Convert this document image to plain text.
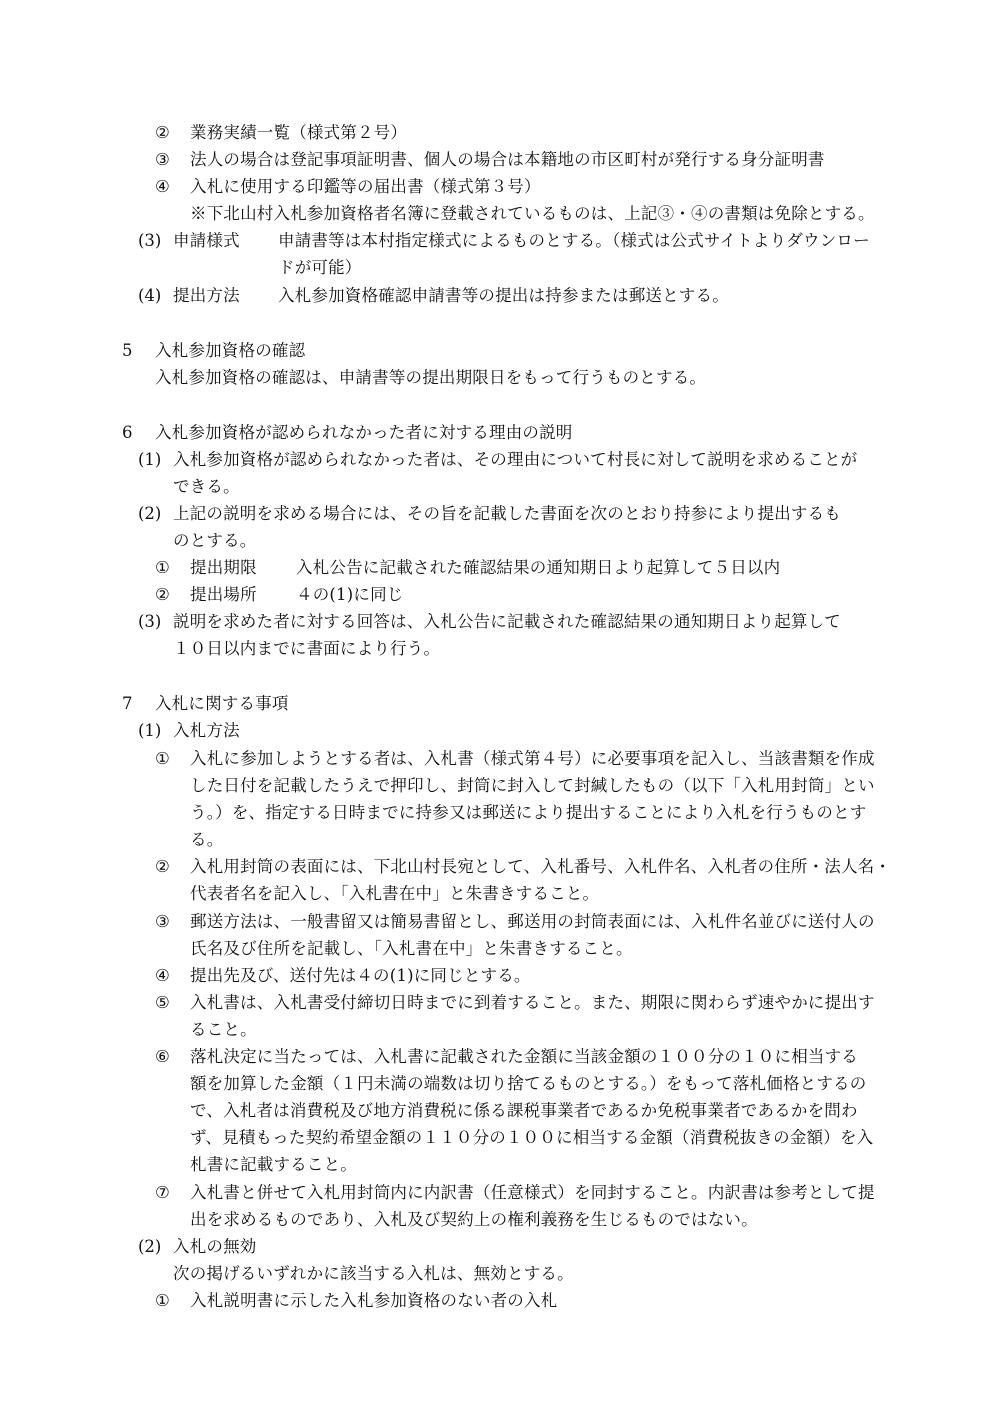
② 業務実績一覧（様式第２号）
③ 法人の場合は登記事項証明書、個人の場合は本籍地の市区町村が発行する身分証明書
④ 入札に使用する印鑑等の届出書（様式第３号）
※下北山村入札参加資格者名簿に登載されているものは、上記③・④の書類は免除とする。
(3) 申請様式 申請書等は本村指定様式によるものとする。（様式は公式サイトよりダウンロー
ドが可能）
(4) 提出方法 入札参加資格確認申請書等の提出は持参または郵送とする。
5 入札参加資格の確認
入札参加資格の確認は、申請書等の提出期限日をもって行うものとする。
6 入札参加資格が認められなかった者に対する理由の説明
(1) 入札参加資格が認められなかった者は、その理由について村長に対して説明を求めることが
できる。
(2) 上記の説明を求める場合には、その旨を記載した書面を次のとおり持参により提出するも
のとする。
① 提出期限 入札公告に記載された確認結果の通知期日より起算して５日以内
② 提出場所 ４の(1)に同じ
(3) 説明を求めた者に対する回答は、入札公告に記載された確認結果の通知期日より起算して
１０日以内までに書面により行う。
7 入札に関する事項
(1) 入札方法
① 入札に参加しようとする者は、入札書（様式第４号）に必要事項を記入し、当該書類を作成
した日付を記載したうえで押印し、封筒に封入して封緘したもの（以下「入札用封筒」とい
う。）を、指定する日時までに持参又は郵送により提出することにより入札を行うものとす
る。
② 入札用封筒の表面には、下北山村長宛として、入札番号、入札件名、入札者の住所・法人名・
代表者名を記入し、「入札書在中」と朱書きすること。
③ 郵送方法は、一般書留又は簡易書留とし、郵送用の封筒表面には、入札件名並びに送付人の
氏名及び住所を記載し、「入札書在中」と朱書きすること。
④ 提出先及び、送付先は４の(1)に同じとする。
⑤ 入札書は、入札書受付締切日時までに到着すること。また、期限に関わらず速やかに提出す
ること。
⑥ 落札決定に当たっては、入札書に記載された金額に当該金額の１００分の１０に相当する
額を加算した金額（１円未満の端数は切り捨てるものとする。）をもって落札価格とするの
で、入札者は消費税及び地方消費税に係る課税事業者であるか免税事業者であるかを問わ
ず、見積もった契約希望金額の１１０分の１００に相当する金額（消費税抜きの金額）を入
札書に記載すること。
⑦ 入札書と併せて入札用封筒内に内訳書（任意様式）を同封すること。内訳書は参考として提
出を求めるものであり、入札及び契約上の権利義務を生じるものではない。
(2) 入札の無効
次の掲げるいずれかに該当する入札は、無効とする。
① 入札説明書に示した入札参加資格のない者の入札
